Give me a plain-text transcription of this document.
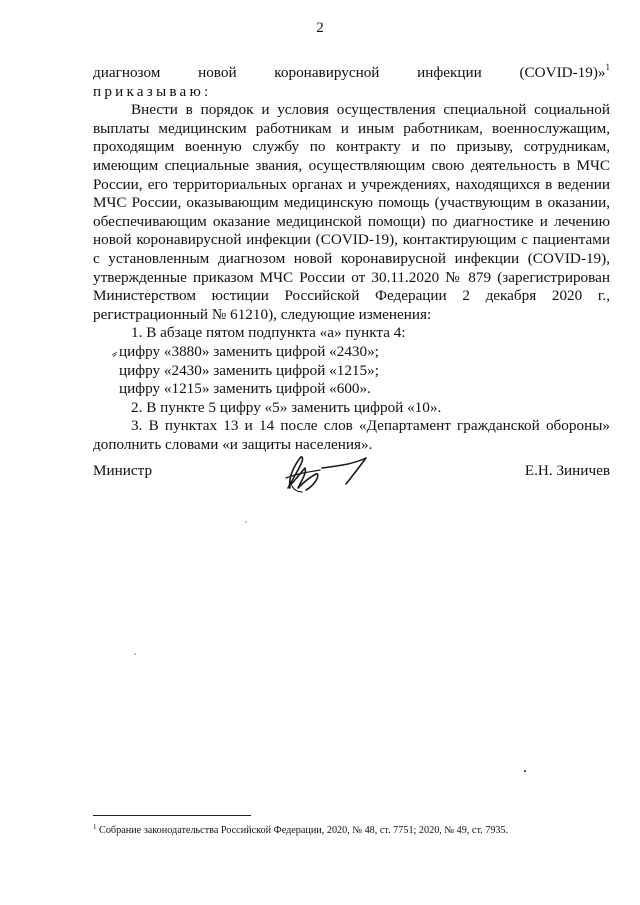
2
диагнозом новой коронавирусной инфекции (COVID-19)»$^1$
приказываю:
Внести в порядок и условия осуществления специальной социальной
выплаты медицинским работникам и иным работникам, военнослужащим,
проходящим военную службу по контракту и по призыву, сотрудникам,
имеющим специальные звания, осуществляющим свою деятельность в МЧС
России, его территориальных органах и учреждениях, находящихся в ведении
МЧС России, оказывающим медицинскую помощь (участвующим в оказании,
обеспечивающим оказание медицинской помощи) по диагностике и лечению
новой коронавирусной инфекции (COVID-19), контактирующим с пациентами
с установленным диагнозом новой коронавирусной инфекции (COVID-19),
утвержденные приказом МЧС России от 30.11.2020 № 879 (зарегистрирован
Министерством юстиции Российской Федерации 2 декабря 2020 г.,
регистрационный № 61210), следующие изменения:
1. В абзаце пятом подпункта «а» пункта 4:
цифру «3880» заменить цифрой «2430»;
цифру «2430» заменить цифрой «1215»;
цифру «1215» заменить цифрой «600».
2. В пункте 5 цифру «5» заменить цифрой «10».
3. В пунктах 13 и 14 после слов «Департамент гражданской обороны»
дополнить словами «и защиты населения».
Министр	Е.Н. Зиничев
$^1$ Собрание законодательства Российской Федерации, 2020, № 48, ст. 7751; 2020, № 49, ст. 7935.
